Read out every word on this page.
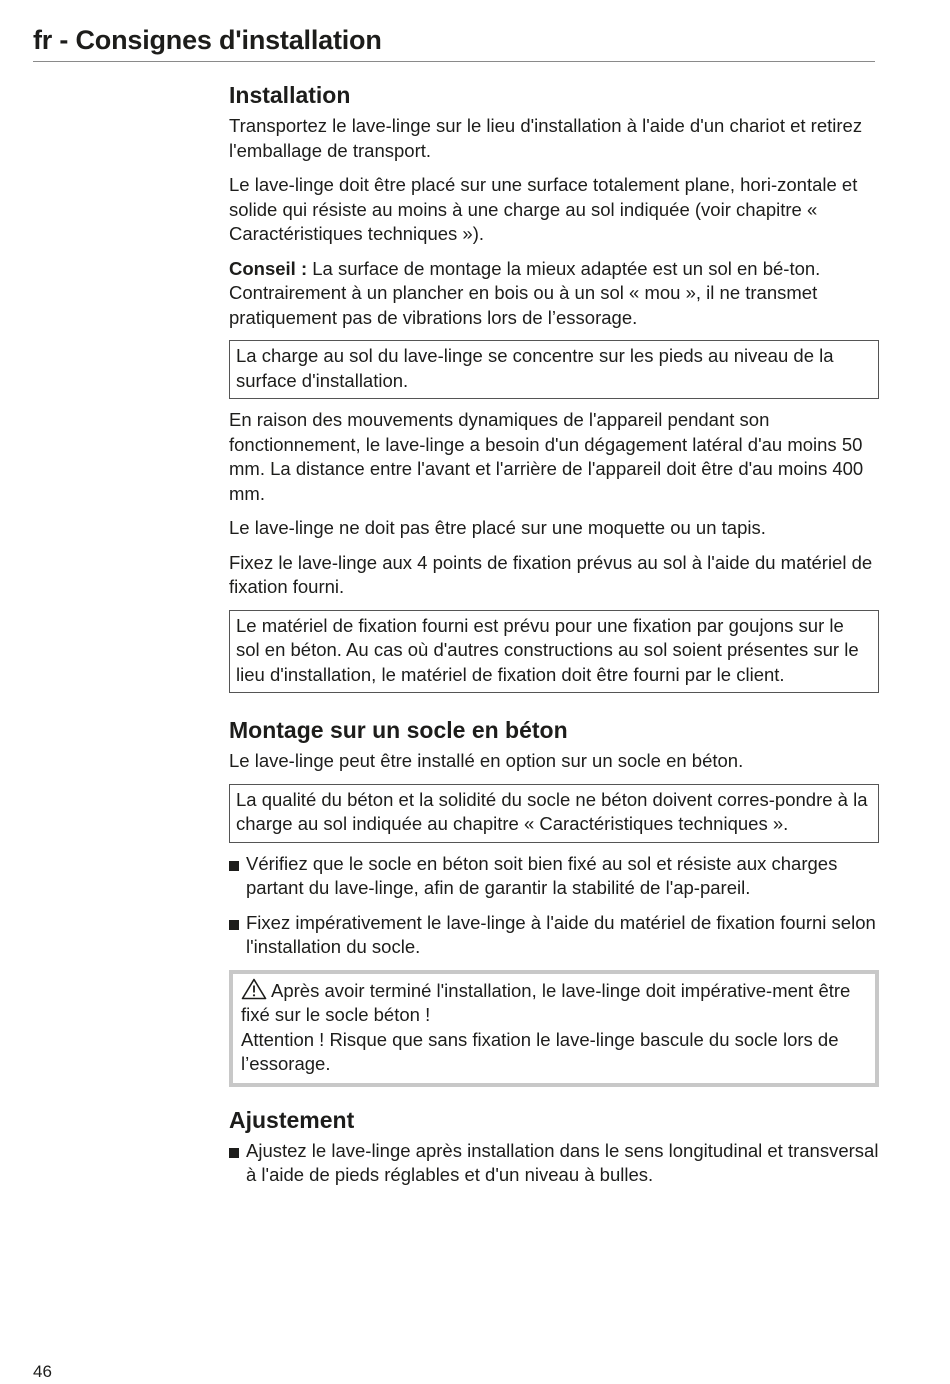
fr - Consignes d'installation
Installation

Transportez le lave-linge sur le lieu d'installation à l'aide d'un chariot et retirez l'emballage de transport.

Le lave-linge doit être placé sur une surface totalement plane, hori-zontale et solide qui résiste au moins à une charge au sol indiquée (voir chapitre « Caractéristiques techniques »).

Conseil : La surface de montage la mieux adaptée est un sol en bé-ton. Contrairement à un plancher en bois ou à un sol « mou », il ne transmet pratiquement pas de vibrations lors de l’essorage.

La charge au sol du lave-linge se concentre sur les pieds au niveau de la surface d'installation.

En raison des mouvements dynamiques de l'appareil pendant son fonctionnement, le lave-linge a besoin d'un dégagement latéral d'au moins 50 mm. La distance entre l'avant et l'arrière de l'appareil doit être d'au moins 400 mm.

Le lave-linge ne doit pas être placé sur une moquette ou un tapis.

Fixez le lave-linge aux 4 points de fixation prévus au sol à l'aide du matériel de fixation fourni.

Le matériel de fixation fourni est prévu pour une fixation par goujons sur le sol en béton. Au cas où d'autres constructions au sol soient présentes sur le lieu d'installation, le matériel de fixation doit être fourni par le client.

Montage sur un socle en béton

Le lave-linge peut être installé en option sur un socle en béton.

La qualité du béton et la solidité du socle ne béton doivent corres-pondre à la charge au sol indiquée au chapitre « Caractéristiques techniques ».

Vérifiez que le socle en béton soit bien fixé au sol et résiste aux charges partant du lave-linge, afin de garantir la stabilité de l'ap-pareil.
Fixez impérativement le lave-linge à l'aide du matériel de fixation fourni selon l'installation du socle.

Après avoir terminé l'installation, le lave-linge doit impérative-ment être fixé sur le socle béton !

Attention ! Risque que sans fixation le lave-linge bascule du socle lors de l’essorage.

Ajustement
Ajustez le lave-linge après installation dans le sens longitudinal et transversal à l'aide de pieds réglables et d'un niveau à bulles.
46
